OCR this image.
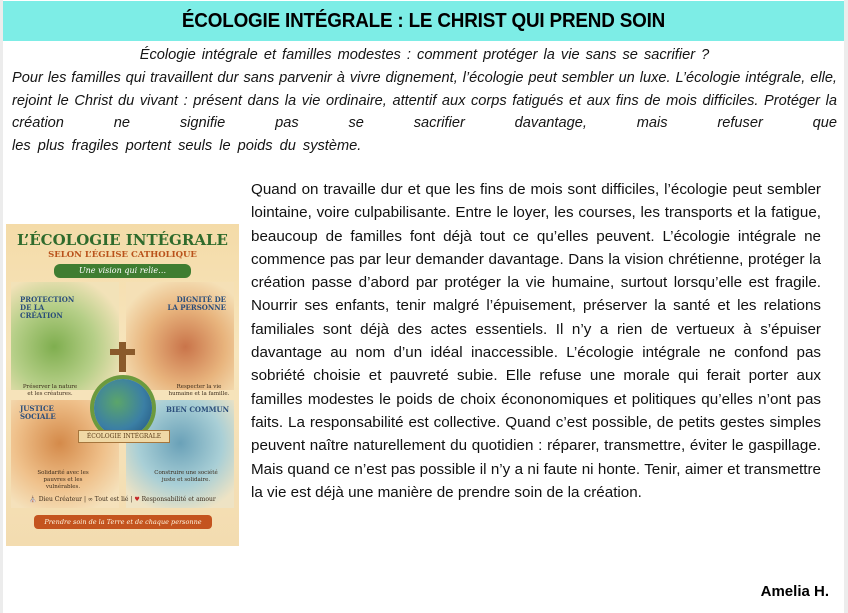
ÉCOLOGIE INTÉGRALE : LE CHRIST QUI PREND SOIN

Écologie intégrale et familles modestes : comment protéger la vie sans se sacrifier ?

Pour les familles qui travaillent dur sans parvenir à vivre dignement, l’écologie peut sembler un luxe. L’écologie intégrale, elle, rejoint le Christ du vivant : présent dans la vie ordinaire, attentif aux corps fatigués et aux fins de mois difficiles. Protéger la création ne signifie pas se sacrifier davantage, mais refuser que

les plus fragiles portent seuls le poids du système.

L’ÉCOLOGIE INTÉGRALE
SELON L’ÉGLISE CATHOLIQUE
Une vision qui relie…
PROTECTION DE LA CRÉATION
DIGNITÉ DE LA PERSONNE
JUSTICE SOCIALE
BIEN COMMUN
Préserver la nature et les créatures.
Respecter la vie humaine et la famille.
Solidarité avec les pauvres et les vulnérables.
Construire une société juste et solidaire.
ÉCOLOGIE INTÉGRALE
⛪ Dieu Créateur | ∞ Tout est lié | ♥ Responsabilité et amour
Prendre soin de la Terre et de chaque personne

Quand on travaille dur et que les fins de mois sont difficiles, l’écologie peut sembler lointaine, voire culpabilisante. Entre le loyer, les courses, les transports et la fatigue, beaucoup de familles font déjà tout ce qu’elles peuvent. L’écologie intégrale ne commence pas par leur demander davantage. Dans la vision chrétienne, protéger la création passe d’abord par protéger la vie humaine, surtout lorsqu’elle est fragile. Nourrir ses enfants, tenir malgré l’épuisement, préserver la santé et les relations familiales sont déjà des actes essentiels. Il n’y a rien de vertueux à s’épuiser davantage au nom d’un idéal inaccessible. L’écologie intégrale ne confond pas sobriété choisie et pauvreté subie. Elle refuse une morale qui ferait porter aux familles modestes le poids de choix écononomiques et politiques qu’elles n’ont pas faits. La responsabilité est collective. Quand c’est possible, de petits gestes simples peuvent naître naturellement du quotidien : réparer, transmettre, éviter le gaspillage. Mais quand ce n’est pas possible il n’y a ni faute ni honte. Tenir, aimer et transmettre la vie est déjà une manière de prendre soin de la création.

Amelia H.
